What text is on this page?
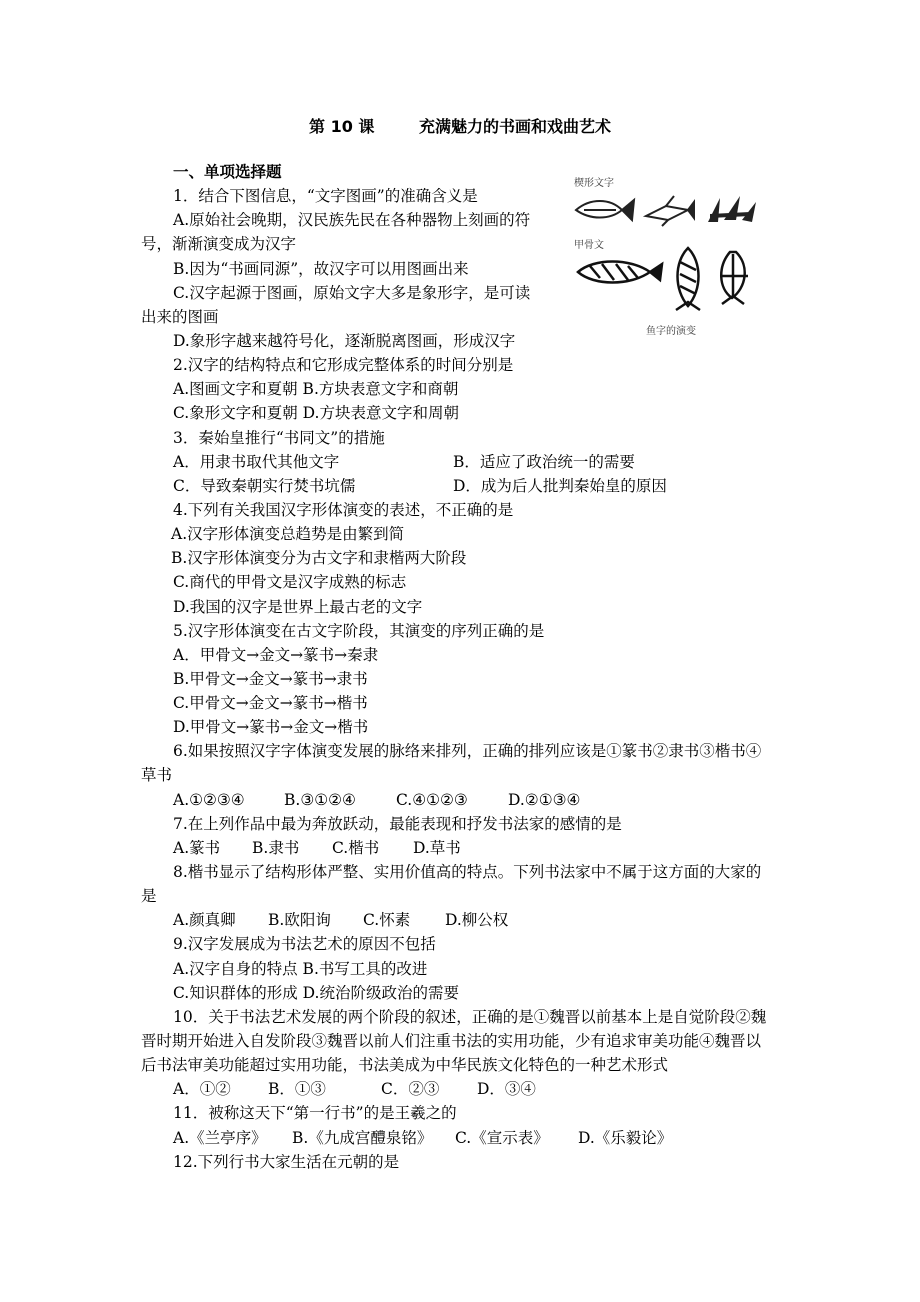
第 10 课	充满魅力的书画和戏曲艺术
一、单项选择题
1．结合下图信息，“文字图画”的准确含义是
A.原始社会晚期，汉民族先民在各种器物上刻画的符
号，渐渐演变成为汉字
B.因为“书画同源”，故汉字可以用图画出来
C.汉字起源于图画，原始文字大多是象形字，是可读
出来的图画
D.象形字越来越符号化，逐渐脱离图画，形成汉字
2.汉字的结构特点和它形成完整体系的时间分别是
A.图画文字和夏朝 B.方块表意文字和商朝
C.象形文字和夏朝 D.方块表意文字和周朝
3．秦始皇推行“书同文”的措施
A．用隶书取代其他文字	B．适应了政治统一的需要
C．导致秦朝实行焚书坑儒	D．成为后人批判秦始皇的原因
4.下列有关我国汉字形体演变的表述，不正确的是
A.汉字形体演变总趋势是由繁到简
B.汉字形体演变分为古文字和隶楷两大阶段
C.商代的甲骨文是汉字成熟的标志
D.我国的汉字是世界上最古老的文字
5.汉字形体演变在古文字阶段，其演变的序列正确的是
A．甲骨文→金文→篆书→秦隶
B.甲骨文→金文→篆书→隶书
C.甲骨文→金文→篆书→楷书
D.甲骨文→篆书→金文→楷书
6.如果按照汉字字体演变发展的脉络来排列，正确的排列应该是①篆书②隶书③楷书④
草书
A.①②③④	B.③①②④	C.④①②③	D.②①③④
7.在上列作品中最为奔放跃动，最能表现和抒发书法家的感情的是
A.篆书 B.隶书 C.楷书 D.草书
8.楷书显示了结构形体严整、实用价值高的特点。下列书法家中不属于这方面的大家的
是
A.颜真卿 B.欧阳询 C.怀素 D.柳公权
9.汉字发展成为书法艺术的原因不包括
A.汉字自身的特点 B.书写工具的改进
C.知识群体的形成 D.统治阶级政治的需要
10．关于书法艺术发展的两个阶段的叙述，正确的是①魏晋以前基本上是自觉阶段②魏
晋时期开始进入自发阶段③魏晋以前人们注重书法的实用功能，少有追求审美功能④魏晋以
后书法审美功能超过实用功能，书法美成为中华民族文化特色的一种艺术形式
A．①② B．①③	C．②③ D．③④
11．被称这天下“第一行书”的是王羲之的
A.《兰亭序》 B.《九成宫醴泉铭》 C.《宣示表》 D.《乐毅论》
12.下列行书大家生活在元朝的是
楔形文字
甲骨文
鱼字的演变
